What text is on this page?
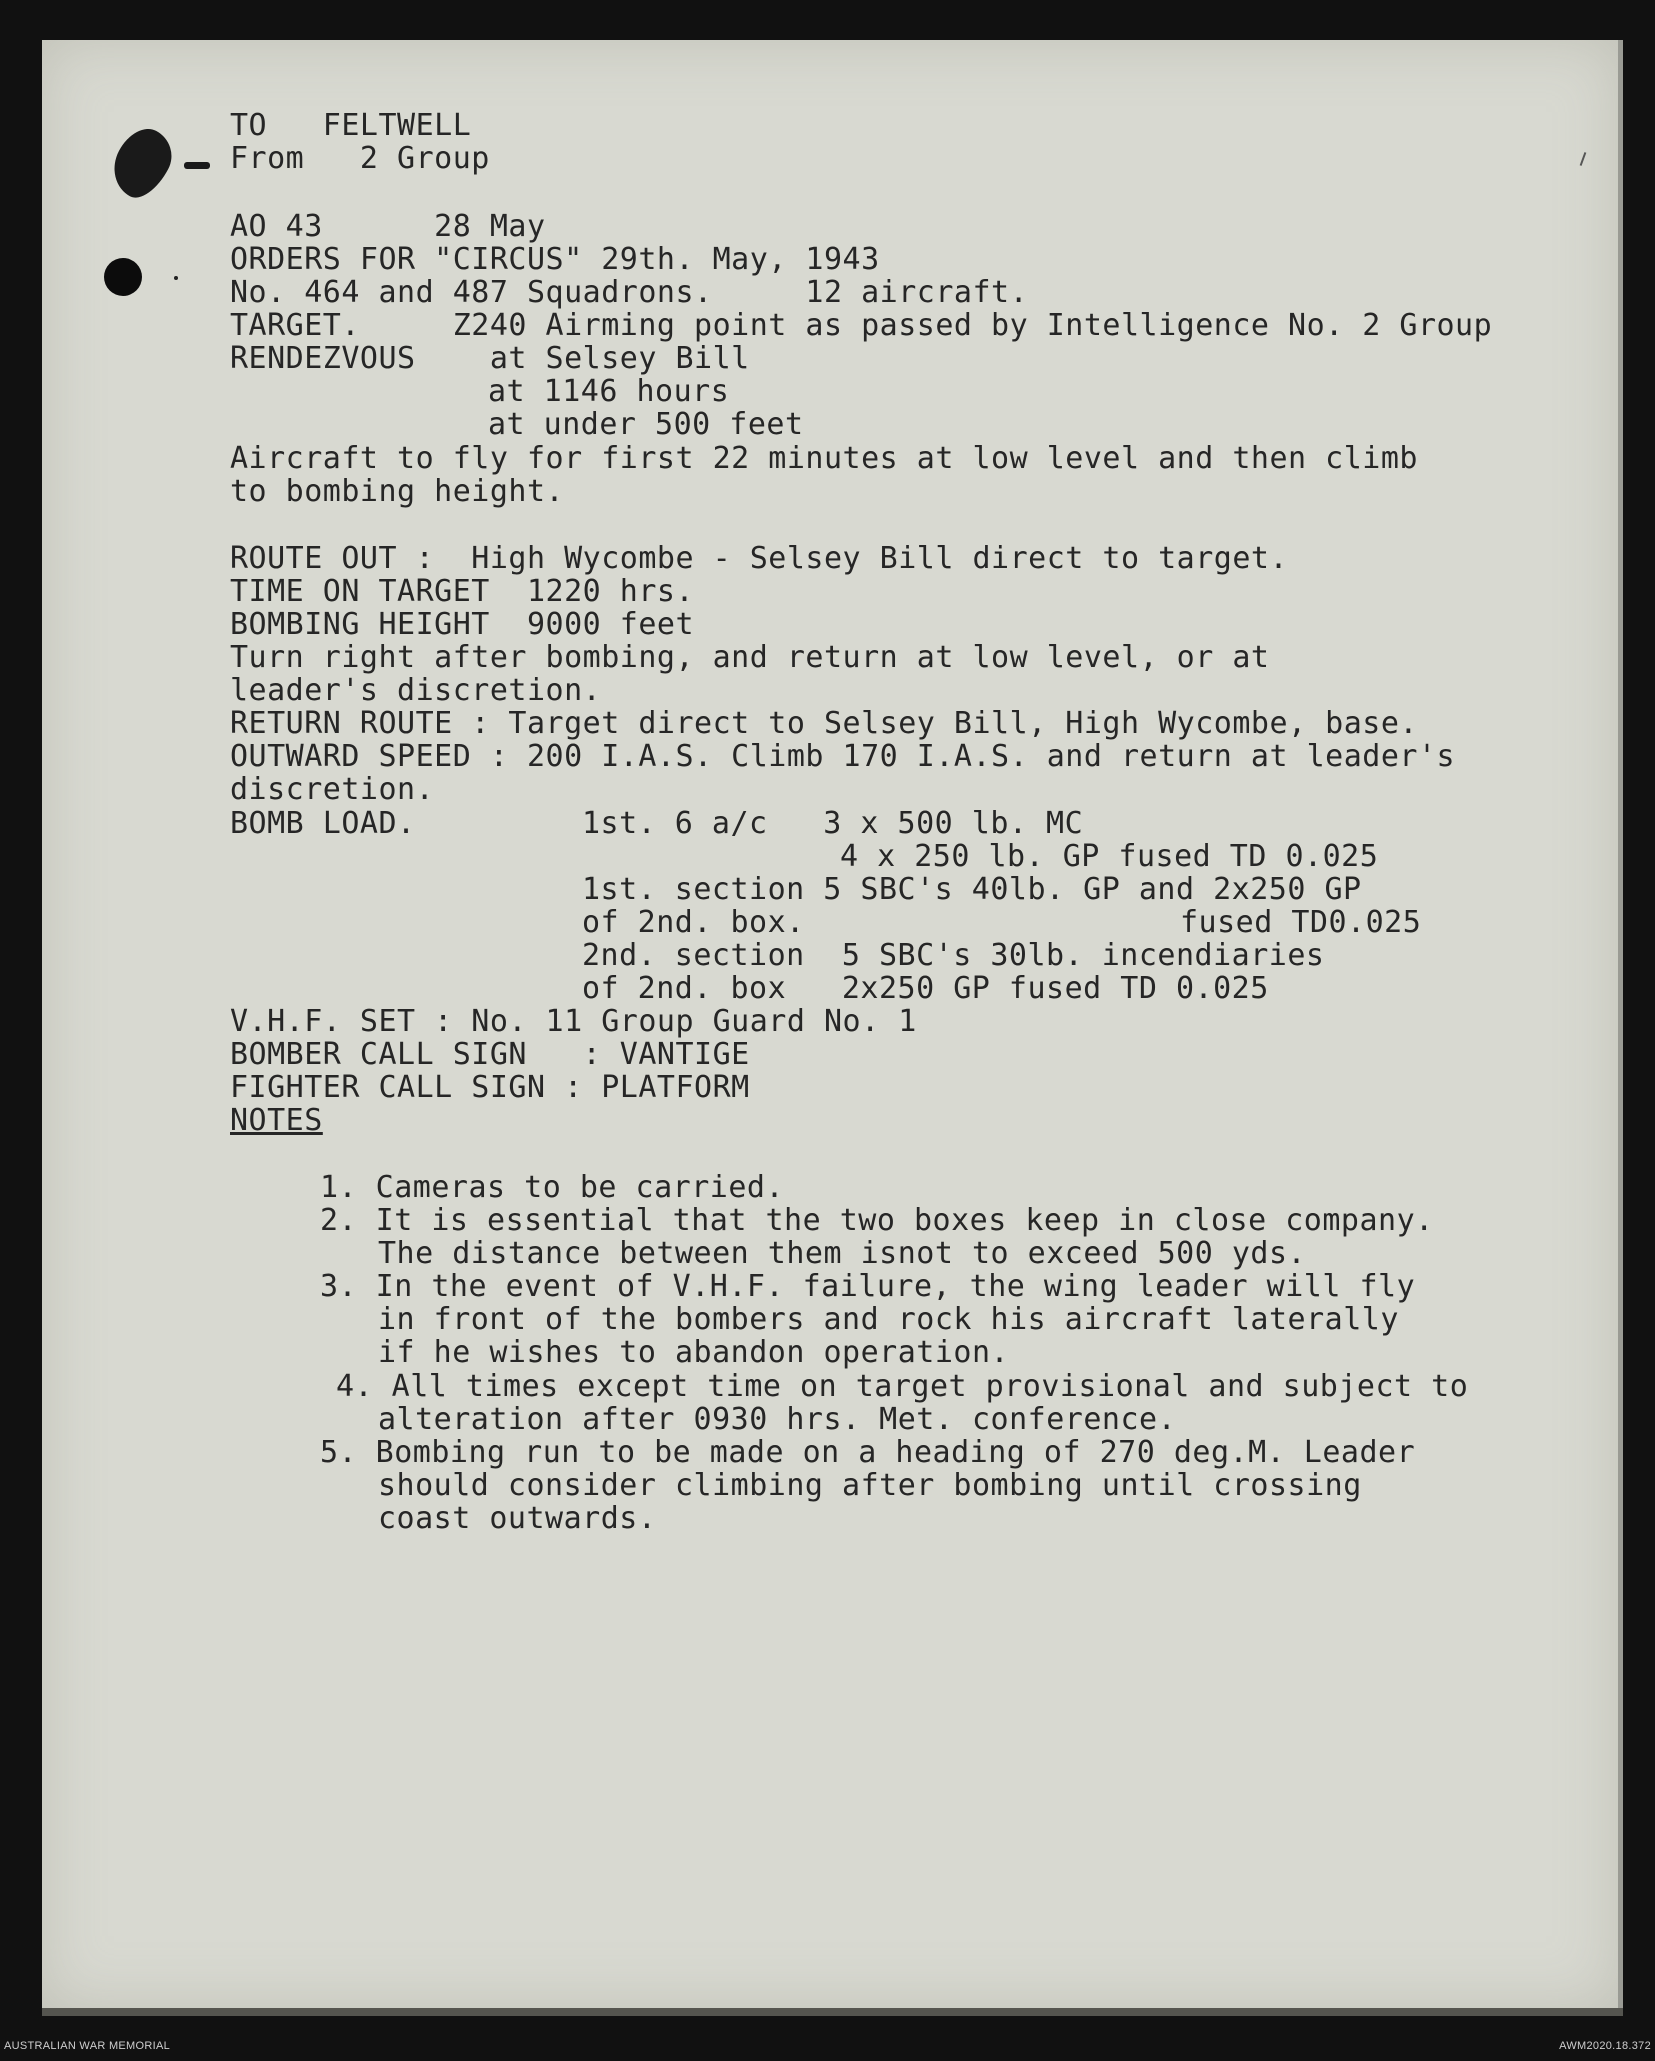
TO   FELTWELL
From   2 Group
AO 43      28 May
ORDERS FOR "CIRCUS" 29th. May, 1943
No. 464 and 487 Squadrons.     12 aircraft.
TARGET.     Z240 Airming point as passed by Intelligence No. 2 Group
RENDEZVOUS    at Selsey Bill
at 1146 hours
at under 500 feet
Aircraft to fly for first 22 minutes at low level and then climb
to bombing height.
ROUTE OUT :  High Wycombe - Selsey Bill direct to target.
TIME ON TARGET  1220 hrs.
BOMBING HEIGHT  9000 feet
Turn right after bombing, and return at low level, or at
leader's discretion.
RETURN ROUTE : Target direct to Selsey Bill, High Wycombe, base.
OUTWARD SPEED : 200 I.A.S. Climb 170 I.A.S. and return at leader's
discretion.
BOMB LOAD.	1st. 6 a/c   3 x 500 lb. MC
4 x 250 lb. GP fused TD 0.025
1st. section 5 SBC's 40lb. GP and 2x250 GP
of 2nd. box.	fused TD0.025
2nd. section  5 SBC's 30lb. incendiaries
of 2nd. box   2x250 GP fused TD 0.025
V.H.F. SET : No. 11 Group Guard No. 1
BOMBER CALL SIGN   : VANTIGE
FIGHTER CALL SIGN : PLATFORM
NOTES
1. Cameras to be carried.
2. It is essential that the two boxes keep in close company.
The distance between them isnot to exceed 500 yds.
3. In the event of V.H.F. failure, the wing leader will fly
in front of the bombers and rock his aircraft laterally
if he wishes to abandon operation.
4. All times except time on target provisional and subject to
alteration after 0930 hrs. Met. conference.
5. Bombing run to be made on a heading of 270 deg.M. Leader
should consider climbing after bombing until crossing
coast outwards.
AUSTRALIAN WAR MEMORIAL	AWM2020.18.372
